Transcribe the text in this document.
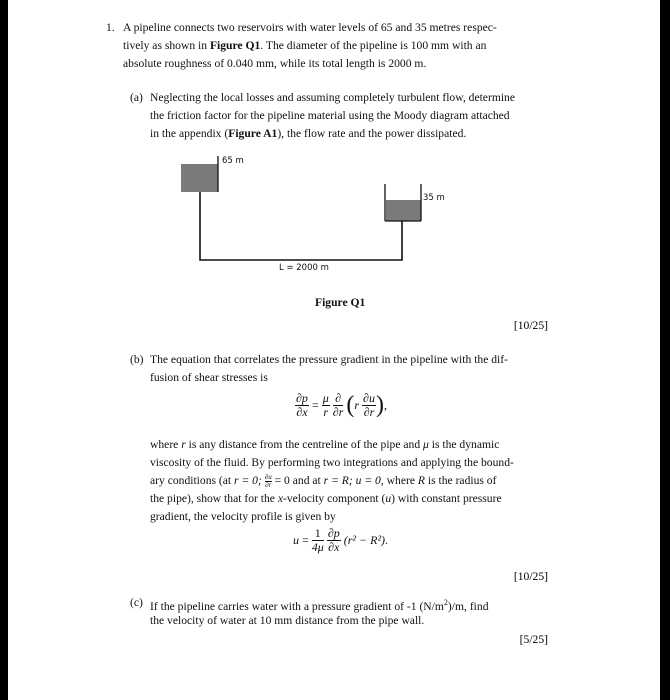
1. A pipeline connects two reservoirs with water levels of 65 and 35 metres respec-
tively as shown in Figure Q1. The diameter of the pipeline is 100 mm with an
absolute roughness of 0.040 mm, while its total length is 2000 m.
(a) Neglecting the local losses and assuming completely turbulent flow, determine
the friction factor for the pipeline material using the Moody diagram attached
in the appendix (Figure A1), the flow rate and the power dissipated.
65 m
35 m
L = 2000 m
Figure Q1
[10/25]
(b) The equation that correlates the pressure gradient in the pipeline with the dif-
fusion of shear stresses is
$\frac{\partial p}{\partial x} = \frac{\mu}{r}$
∂
∂r ($r \frac{\partial u}{\partial r}$ ),
where r is any distance from the centreline of the pipe and μ is the dynamic
viscosity of the fluid. By performing two integrations and applying the bound-
ary conditions (at r = 0; $\frac{\partial u}{\partial r} = 0$ and at r = R; u = 0, where R is the radius of
the pipe), show that for the x-velocity component (u) with constant pressure
gradient, the velocity profile is given by
$u = \frac{1}{4\mu}$
$\frac{\partial p}{\partial x} (r^2 - R^2)$.
[10/25]
(c) If the pipeline carries water with a pressure gradient of -1 $(N/m^2)/m$, find
the velocity of water at 10 mm distance from the pipe wall.
[5/25]
